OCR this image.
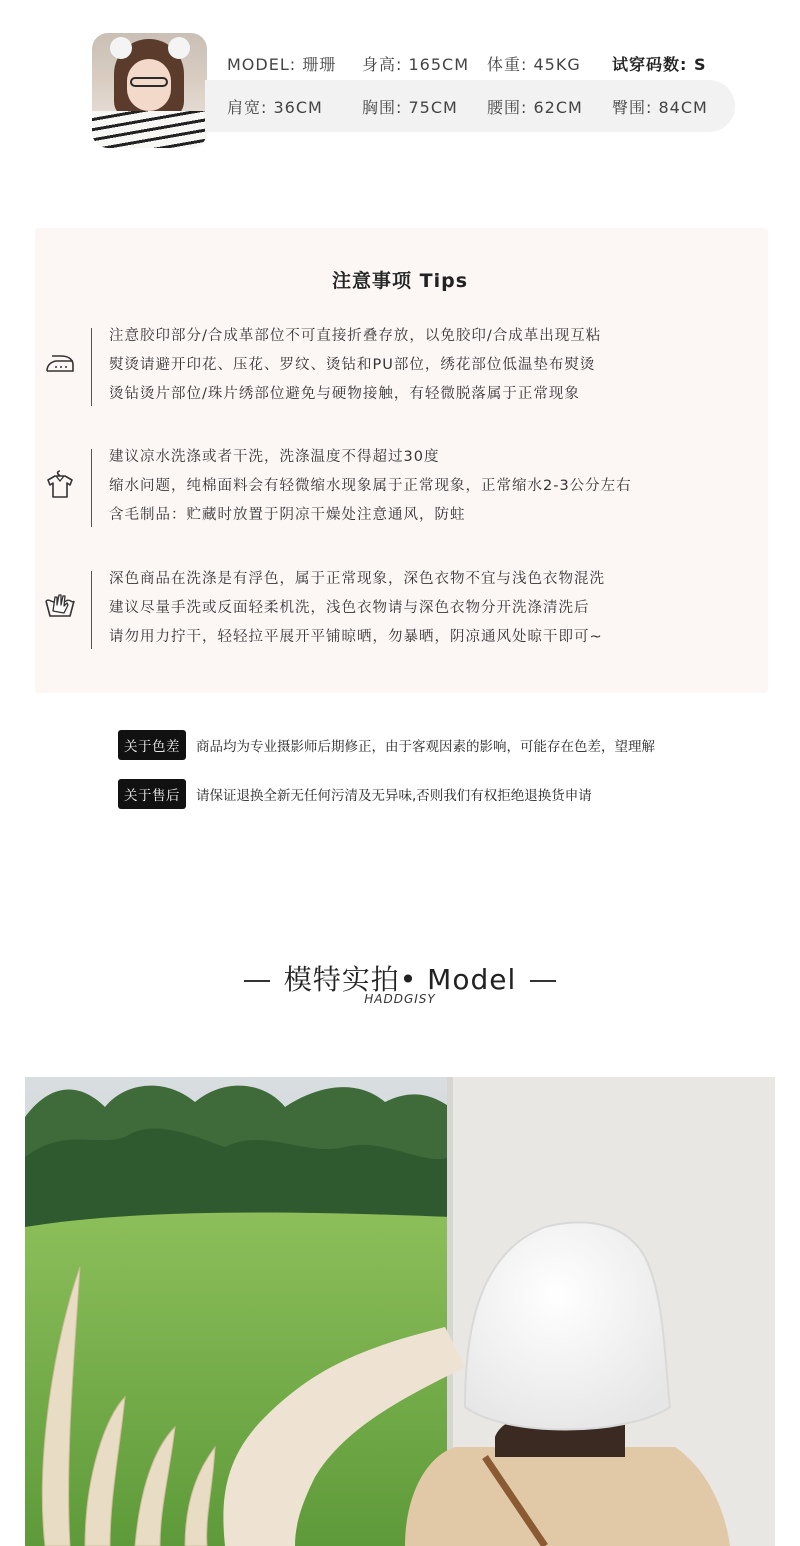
MODEL: 珊珊	身高: 165CM	体重: 45KG	试穿码数: S
肩宽: 36CM	胸围: 75CM	腰围: 62CM	臀围: 84CM
注意事项 Tips
注意胶印部分/合成革部位不可直接折叠存放，以免胶印/合成革出现互粘
熨烫请避开印花、压花、罗纹、烫钻和PU部位，绣花部位低温垫布熨烫
烫钻烫片部位/珠片绣部位避免与硬物接触，有轻微脱落属于正常现象
建议凉水洗涤或者干洗，洗涤温度不得超过30度
缩水问题，纯棉面料会有轻微缩水现象属于正常现象，正常缩水2-3公分左右
含毛制品：贮藏时放置于阴凉干燥处注意通风，防蛀
深色商品在洗涤是有浮色，属于正常现象，深色衣物不宜与浅色衣物混洗
建议尽量手洗或反面轻柔机洗，浅色衣物请与深色衣物分开洗涤清洗后
请勿用力拧干，轻轻拉平展开平铺晾晒，勿暴晒，阴凉通风处晾干即可~
关于色差	商品均为专业摄影师后期修正，由于客观因素的影响，可能存在色差，望理解
关于售后	请保证退换全新无任何污清及无异味,否则我们有权拒绝退换货申请
模特实拍• Model
HADDGISY
